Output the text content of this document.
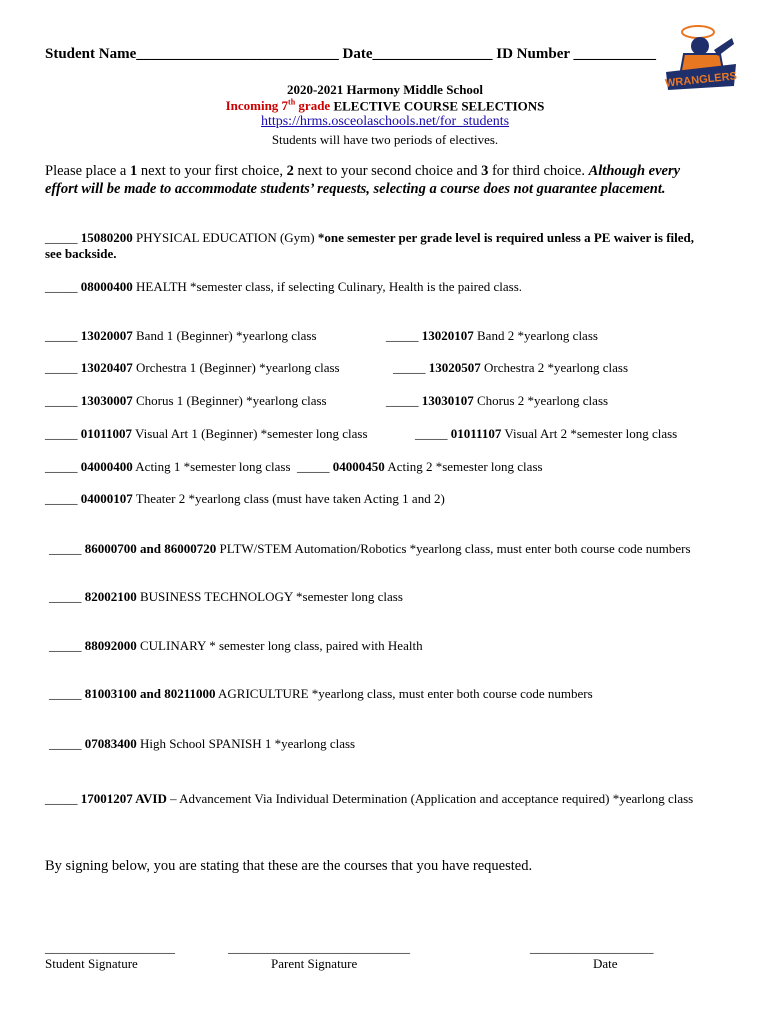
Student Name___________________________ Date________________ ID Number ___________
WRANGLERS
2020-2021 Harmony Middle School
Incoming 7th grade ELECTIVE COURSE SELECTIONS
https://hrms.osceolaschools.net/for_students
Students will have two periods of electives.
Please place a 1 next to your first choice, 2 next to your second choice and 3 for third choice. Although every
effort will be made to accommodate students’ requests, selecting a course does not guarantee placement.
_____ 15080200 PHYSICAL EDUCATION (Gym) *one semester per grade level is required unless a PE waiver is filed,
see backside.
_____ 08000400 HEALTH *semester class, if selecting Culinary, Health is the paired class.
_____ 13020007 Band 1 (Beginner) *yearlong class	_____ 13020107 Band 2 *yearlong class
_____ 13020407 Orchestra 1 (Beginner) *yearlong class	_____ 13020507 Orchestra 2 *yearlong class
_____ 13030007 Chorus 1 (Beginner) *yearlong class	_____ 13030107 Chorus 2 *yearlong class
_____ 01011007 Visual Art 1 (Beginner) *semester long class	_____ 01011107 Visual Art 2 *semester long class
_____ 04000400 Acting 1 *semester long class _____ 04000450 Acting 2 *semester long class
_____ 04000107 Theater 2 *yearlong class (must have taken Acting 1 and 2)
_____ 86000700 and 86000720 PLTW/STEM Automation/Robotics *yearlong class, must enter both course code numbers
_____ 82002100 BUSINESS TECHNOLOGY *semester long class
_____ 88092000 CULINARY * semester long class, paired with Health
_____ 81003100 and 80211000 AGRICULTURE *yearlong class, must enter both course code numbers
_____ 07083400 High School SPANISH 1 *yearlong class
_____ 17001207 AVID – Advancement Via Individual Determination (Application and acceptance required) *yearlong class
By signing below, you are stating that these are the courses that you have requested.
____________________	____________________________	___________________
Student Signature	Parent Signature	Date
